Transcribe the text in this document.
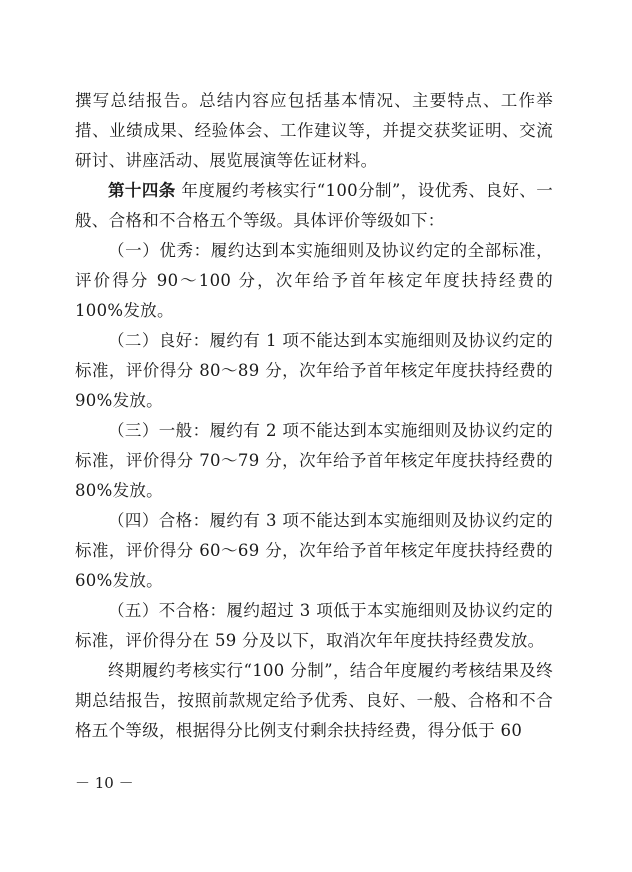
撰写总结报告。总结内容应包括基本情况、主要特点、工作举措、业绩成果、经验体会、工作建议等，并提交获奖证明、交流研讨、讲座活动、展览展演等佐证材料。

第十四条 年度履约考核实行“100分制”，设优秀、良好、一般、合格和不合格五个等级。具体评价等级如下：

（一）优秀：履约达到本实施细则及协议约定的全部标准，评价得分 90～100 分，次年给予首年核定年度扶持经费的 100%发放。

（二）良好：履约有 1 项不能达到本实施细则及协议约定的标准，评价得分 80～89 分，次年给予首年核定年度扶持经费的90%发放。

（三）一般：履约有 2 项不能达到本实施细则及协议约定的标准，评价得分 70～79 分，次年给予首年核定年度扶持经费的80%发放。

（四）合格：履约有 3 项不能达到本实施细则及协议约定的标准，评价得分 60～69 分，次年给予首年核定年度扶持经费的60%发放。

（五）不合格：履约超过 3 项低于本实施细则及协议约定的标准，评价得分在 59 分及以下，取消次年年度扶持经费发放。

终期履约考核实行“100 分制”，结合年度履约考核结果及终期总结报告，按照前款规定给予优秀、良好、一般、合格和不合格五个等级，根据得分比例支付剩余扶持经费，得分低于 60

－ 10 －
